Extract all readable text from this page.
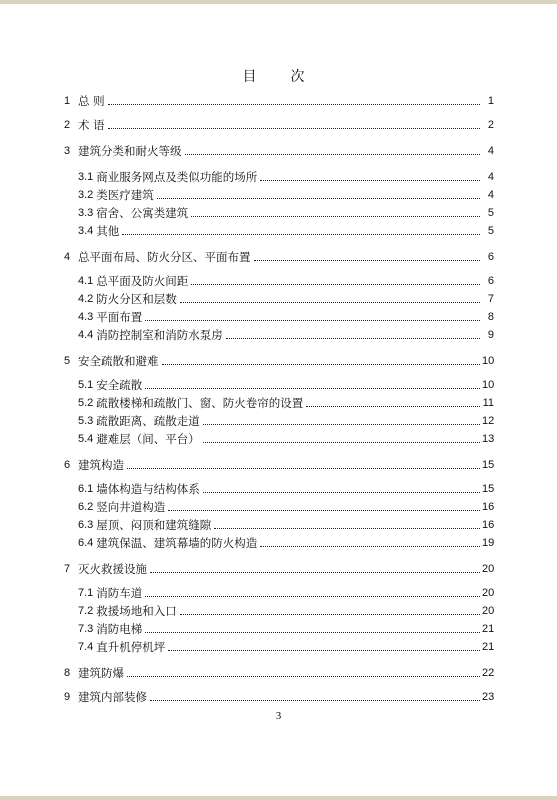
目　次
1 总 则	1
2 术 语	2
3 建筑分类和耐火等级	4
3.1 商业服务网点及类似功能的场所	4
3.2 类医疗建筑	4
3.3 宿舍、公寓类建筑	5
3.4 其他	5
4 总平面布局、防火分区、平面布置	6
4.1 总平面及防火间距	6
4.2 防火分区和层数	7
4.3 平面布置	8
4.4 消防控制室和消防水泵房	9
5 安全疏散和避难	10
5.1 安全疏散	10
5.2 疏散楼梯和疏散门、窗、防火卷帘的设置	11
5.3 疏散距离、疏散走道	12
5.4 避难层（间、平台）	13
6 建筑构造	15
6.1 墙体构造与结构体系	15
6.2 竖向井道构造	16
6.3 屋顶、闷顶和建筑缝隙	16
6.4 建筑保温、建筑幕墙的防火构造	19
7 灭火救援设施	20
7.1 消防车道	20
7.2 救援场地和入口	20
7.3 消防电梯	21
7.4 直升机停机坪	21
8 建筑防爆	22
9 建筑内部装修	23
3
